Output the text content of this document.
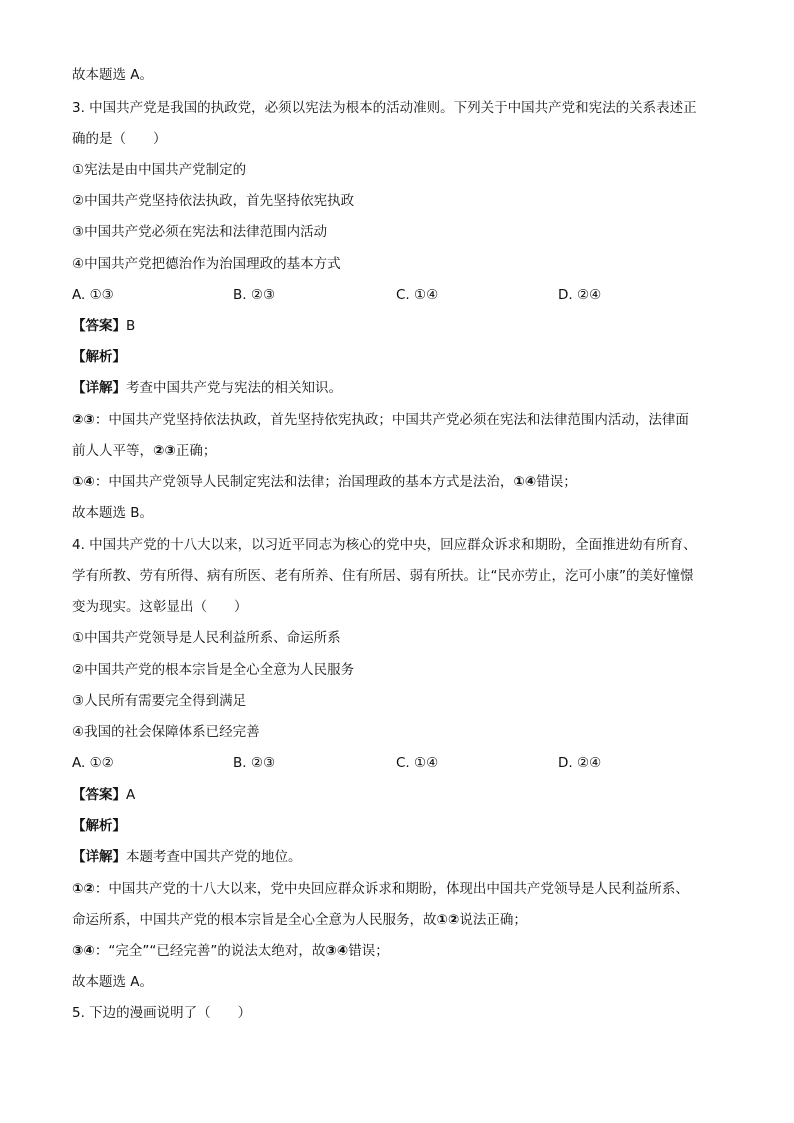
故本题选 A。
3. 中国共产党是我国的执政党，必须以宪法为根本的活动准则。下列关于中国共产党和宪法的关系表述正
确的是（　　）
①宪法是由中国共产党制定的
②中国共产党坚持依法执政，首先坚持依宪执政
③中国共产党必须在宪法和法律范围内活动
④中国共产党把德治作为治国理政的基本方式
A. ①③	B. ②③	C. ①④	D. ②④
【答案】B
【解析】
【详解】考查中国共产党与宪法的相关知识。
②③：中国共产党坚持依法执政，首先坚持依宪执政；中国共产党必须在宪法和法律范围内活动，法律面
前人人平等，②③正确；
①④：中国共产党领导人民制定宪法和法律；治国理政的基本方式是法治，①④错误；
故本题选 B。
4. 中国共产党的十八大以来，以习近平同志为核心的党中央，回应群众诉求和期盼，全面推进幼有所育、
学有所教、劳有所得、病有所医、老有所养、住有所居、弱有所扶。让“民亦劳止，汔可小康”的美好憧憬
变为现实。这彰显出（　　）
①中国共产党领导是人民利益所系、命运所系
②中国共产党的根本宗旨是全心全意为人民服务
③人民所有需要完全得到满足
④我国的社会保障体系已经完善
A. ①②	B. ②③	C. ①④	D. ②④
【答案】A
【解析】
【详解】本题考查中国共产党的地位。
①②：中国共产党的十八大以来，党中央回应群众诉求和期盼，体现出中国共产党领导是人民利益所系、
命运所系，中国共产党的根本宗旨是全心全意为人民服务，故①②说法正确；
③④：“完全”“已经完善”的说法太绝对，故③④错误；
故本题选 A。
5. 下边的漫画说明了（　　）
